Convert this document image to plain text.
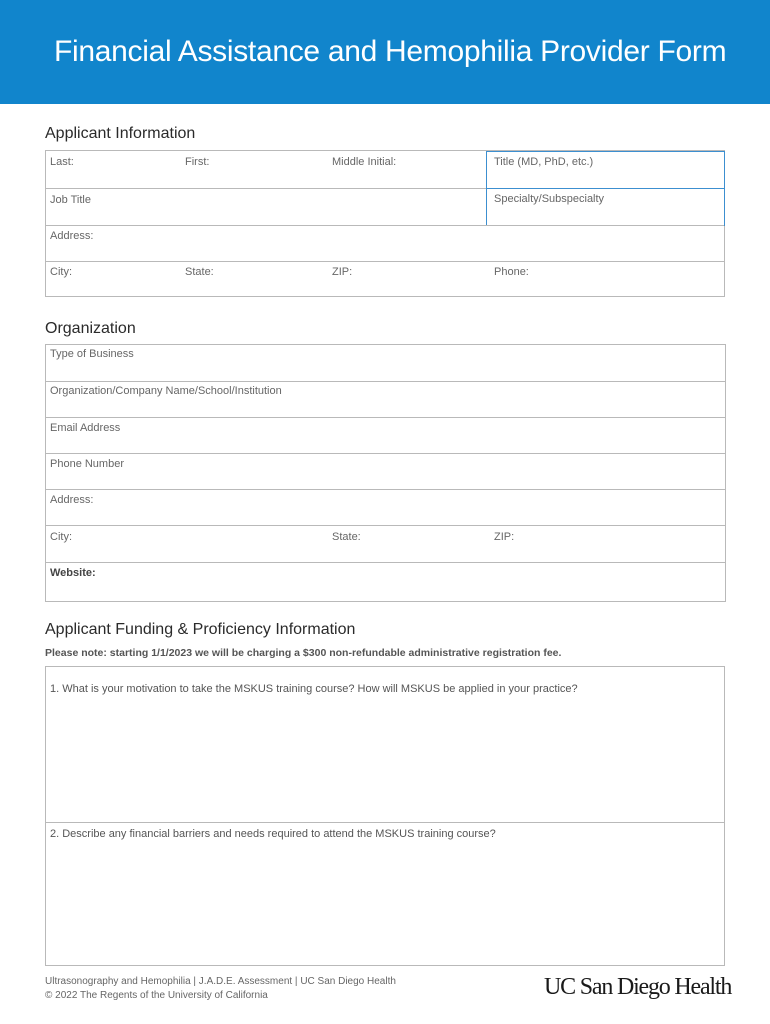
Financial Assistance and Hemophilia Provider Form
Applicant Information
Last:	First:	Middle Initial:	Title (MD, PhD, etc.)
Job Title	Specialty/Subspecialty
Address:
City:	State:	ZIP:	Phone:
Organization
Type of Business
Organization/Company Name/School/Institution
Email Address
Phone Number
Address:
City:	State:	ZIP:
Website:
Applicant Funding & Proficiency Information
Please note: starting 1/1/2023 we will be charging a $300 non-refundable administrative registration fee.
1. What is your motivation to take the MSKUS training course? How will MSKUS be applied in your practice?
2. Describe any financial barriers and needs required to attend the MSKUS training course?
Ultrasonography and Hemophilia | J.A.D.E. Assessment | UC San Diego Health
© 2022 The Regents of the University of California	UC San Diego Health
